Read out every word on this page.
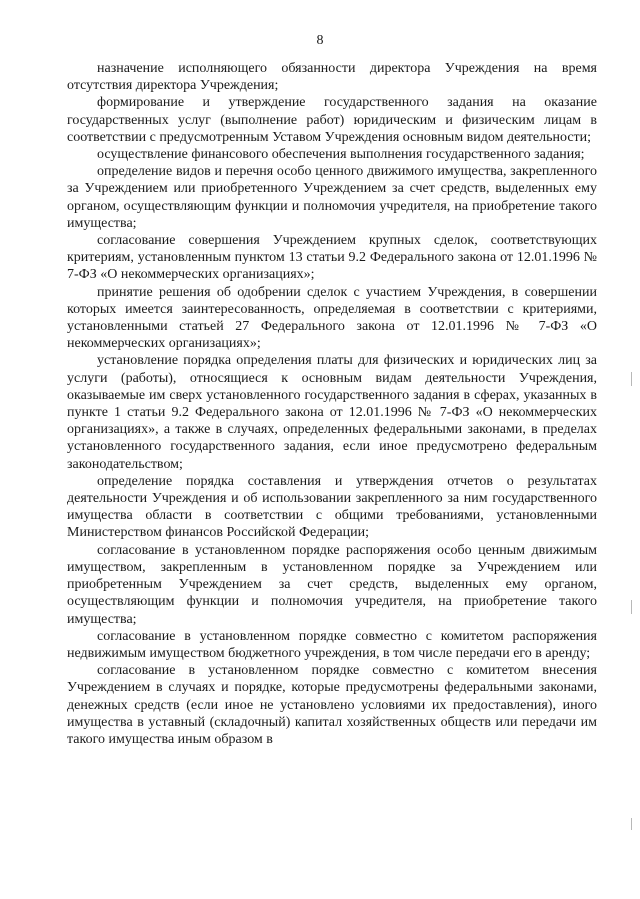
8

назначение исполняющего обязанности директора Учреждения на время отсутствия директора Учреждения;

формирование и утверждение государственного задания на оказание государственных услуг (выполнение работ) юридическим и физическим лицам в соответствии с предусмотренным Уставом Учреждения основным видом деятельности;

осуществление финансового обеспечения выполнения государственного задания;

определение видов и перечня особо ценного движимого имущества, закрепленного за Учреждением или приобретенного Учреждением за счет средств, выделенных ему органом, осуществляющим функции и полномочия учредителя, на приобретение такого имущества;

согласование совершения Учреждением крупных сделок, соответствующих критериям, установленным пунктом 13 статьи 9.2 Федерального закона от 12.01.1996 № 7-ФЗ «О некоммерческих организациях»;

принятие решения об одобрении сделок с участием Учреждения, в совершении которых имеется заинтересованность, определяемая в соответствии с критериями, установленными статьей 27 Федерального закона от 12.01.1996 № 7-ФЗ «О некоммерческих организациях»;

установление порядка определения платы для физических и юридических лиц за услуги (работы), относящиеся к основным видам деятельности Учреждения, оказываемые им сверх установленного государственного задания в сферах, указанных в пункте 1 статьи 9.2 Федерального закона от 12.01.1996 № 7-ФЗ «О некоммерческих организациях», а также в случаях, определенных федеральными законами, в пределах установленного государственного задания, если иное предусмотрено федеральным законодательством;

определение порядка составления и утверждения отчетов о результатах деятельности Учреждения и об использовании закрепленного за ним государственного имущества области в соответствии с общими требованиями, установленными Министерством финансов Российской Федерации;

согласование в установленном порядке распоряжения особо ценным движимым имуществом, закрепленным в установленном порядке за Учреждением или приобретенным Учреждением за счет средств, выделенных ему органом, осуществляющим функции и полномочия учредителя, на приобретение такого имущества;

согласование в установленном порядке совместно с комитетом распоряжения недвижимым имуществом бюджетного учреждения, в том числе передачи его в аренду;

согласование в установленном порядке совместно с комитетом внесения Учреждением в случаях и порядке, которые предусмотрены федеральными законами, денежных средств (если иное не установлено условиями их предоставления), иного имущества в уставный (складочный) капитал хозяйственных обществ или передачи им такого имущества иным образом в
